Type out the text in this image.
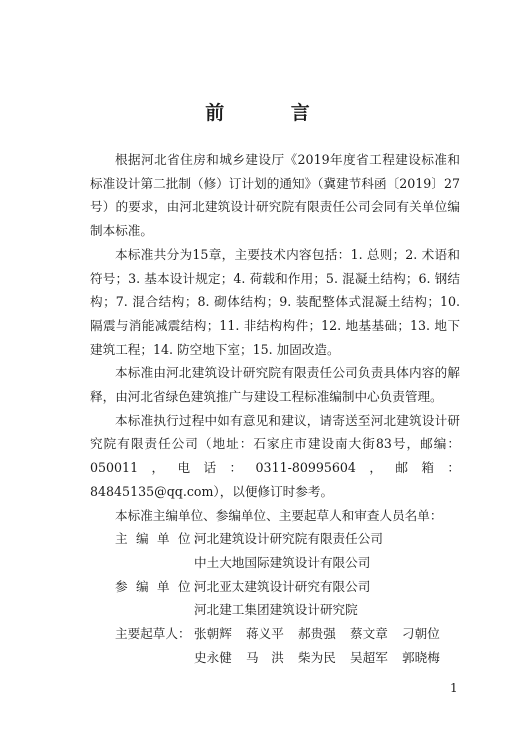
前 言

根据河北省住房和城乡建设厅《2019年度省工程建设标准和标准设计第二批制（修）订计划的通知》（冀建节科函〔2019〕27号）的要求，由河北建筑设计研究院有限责任公司会同有关单位编制本标准。

本标准共分为15章，主要技术内容包括：1. 总则；2. 术语和符号；3. 基本设计规定；4. 荷载和作用；5. 混凝土结构；6. 钢结构；7. 混合结构；8. 砌体结构；9. 装配整体式混凝土结构；10. 隔震与消能减震结构；11. 非结构构件；12. 地基基础；13. 地下建筑工程；14. 防空地下室；15. 加固改造。

本标准由河北建筑设计研究院有限责任公司负责具体内容的解释，由河北省绿色建筑推广与建设工程标准编制中心负责管理。

本标准执行过程中如有意见和建议，请寄送至河北建筑设计研究院有限责任公司（地址：石家庄市建设南大街83号，邮编：050011，电话：0311-80995604，邮箱：84845135@qq.com），以便修订时参考。

本标准主编单位、参编单位、主要起草人和审查人员名单：

主 编 单 位：
河北建筑设计研究院有限责任公司
中土大地国际建筑设计有限公司
参 编 单 位：
河北亚太建筑设计研究有限公司
河北建工集团建筑设计研究院
主要起草人： 张朝辉	蒋义平	郝贵强	蔡文章	刁朝位
史永健	马　洪	柴为民	吴超军	郭晓梅
1
